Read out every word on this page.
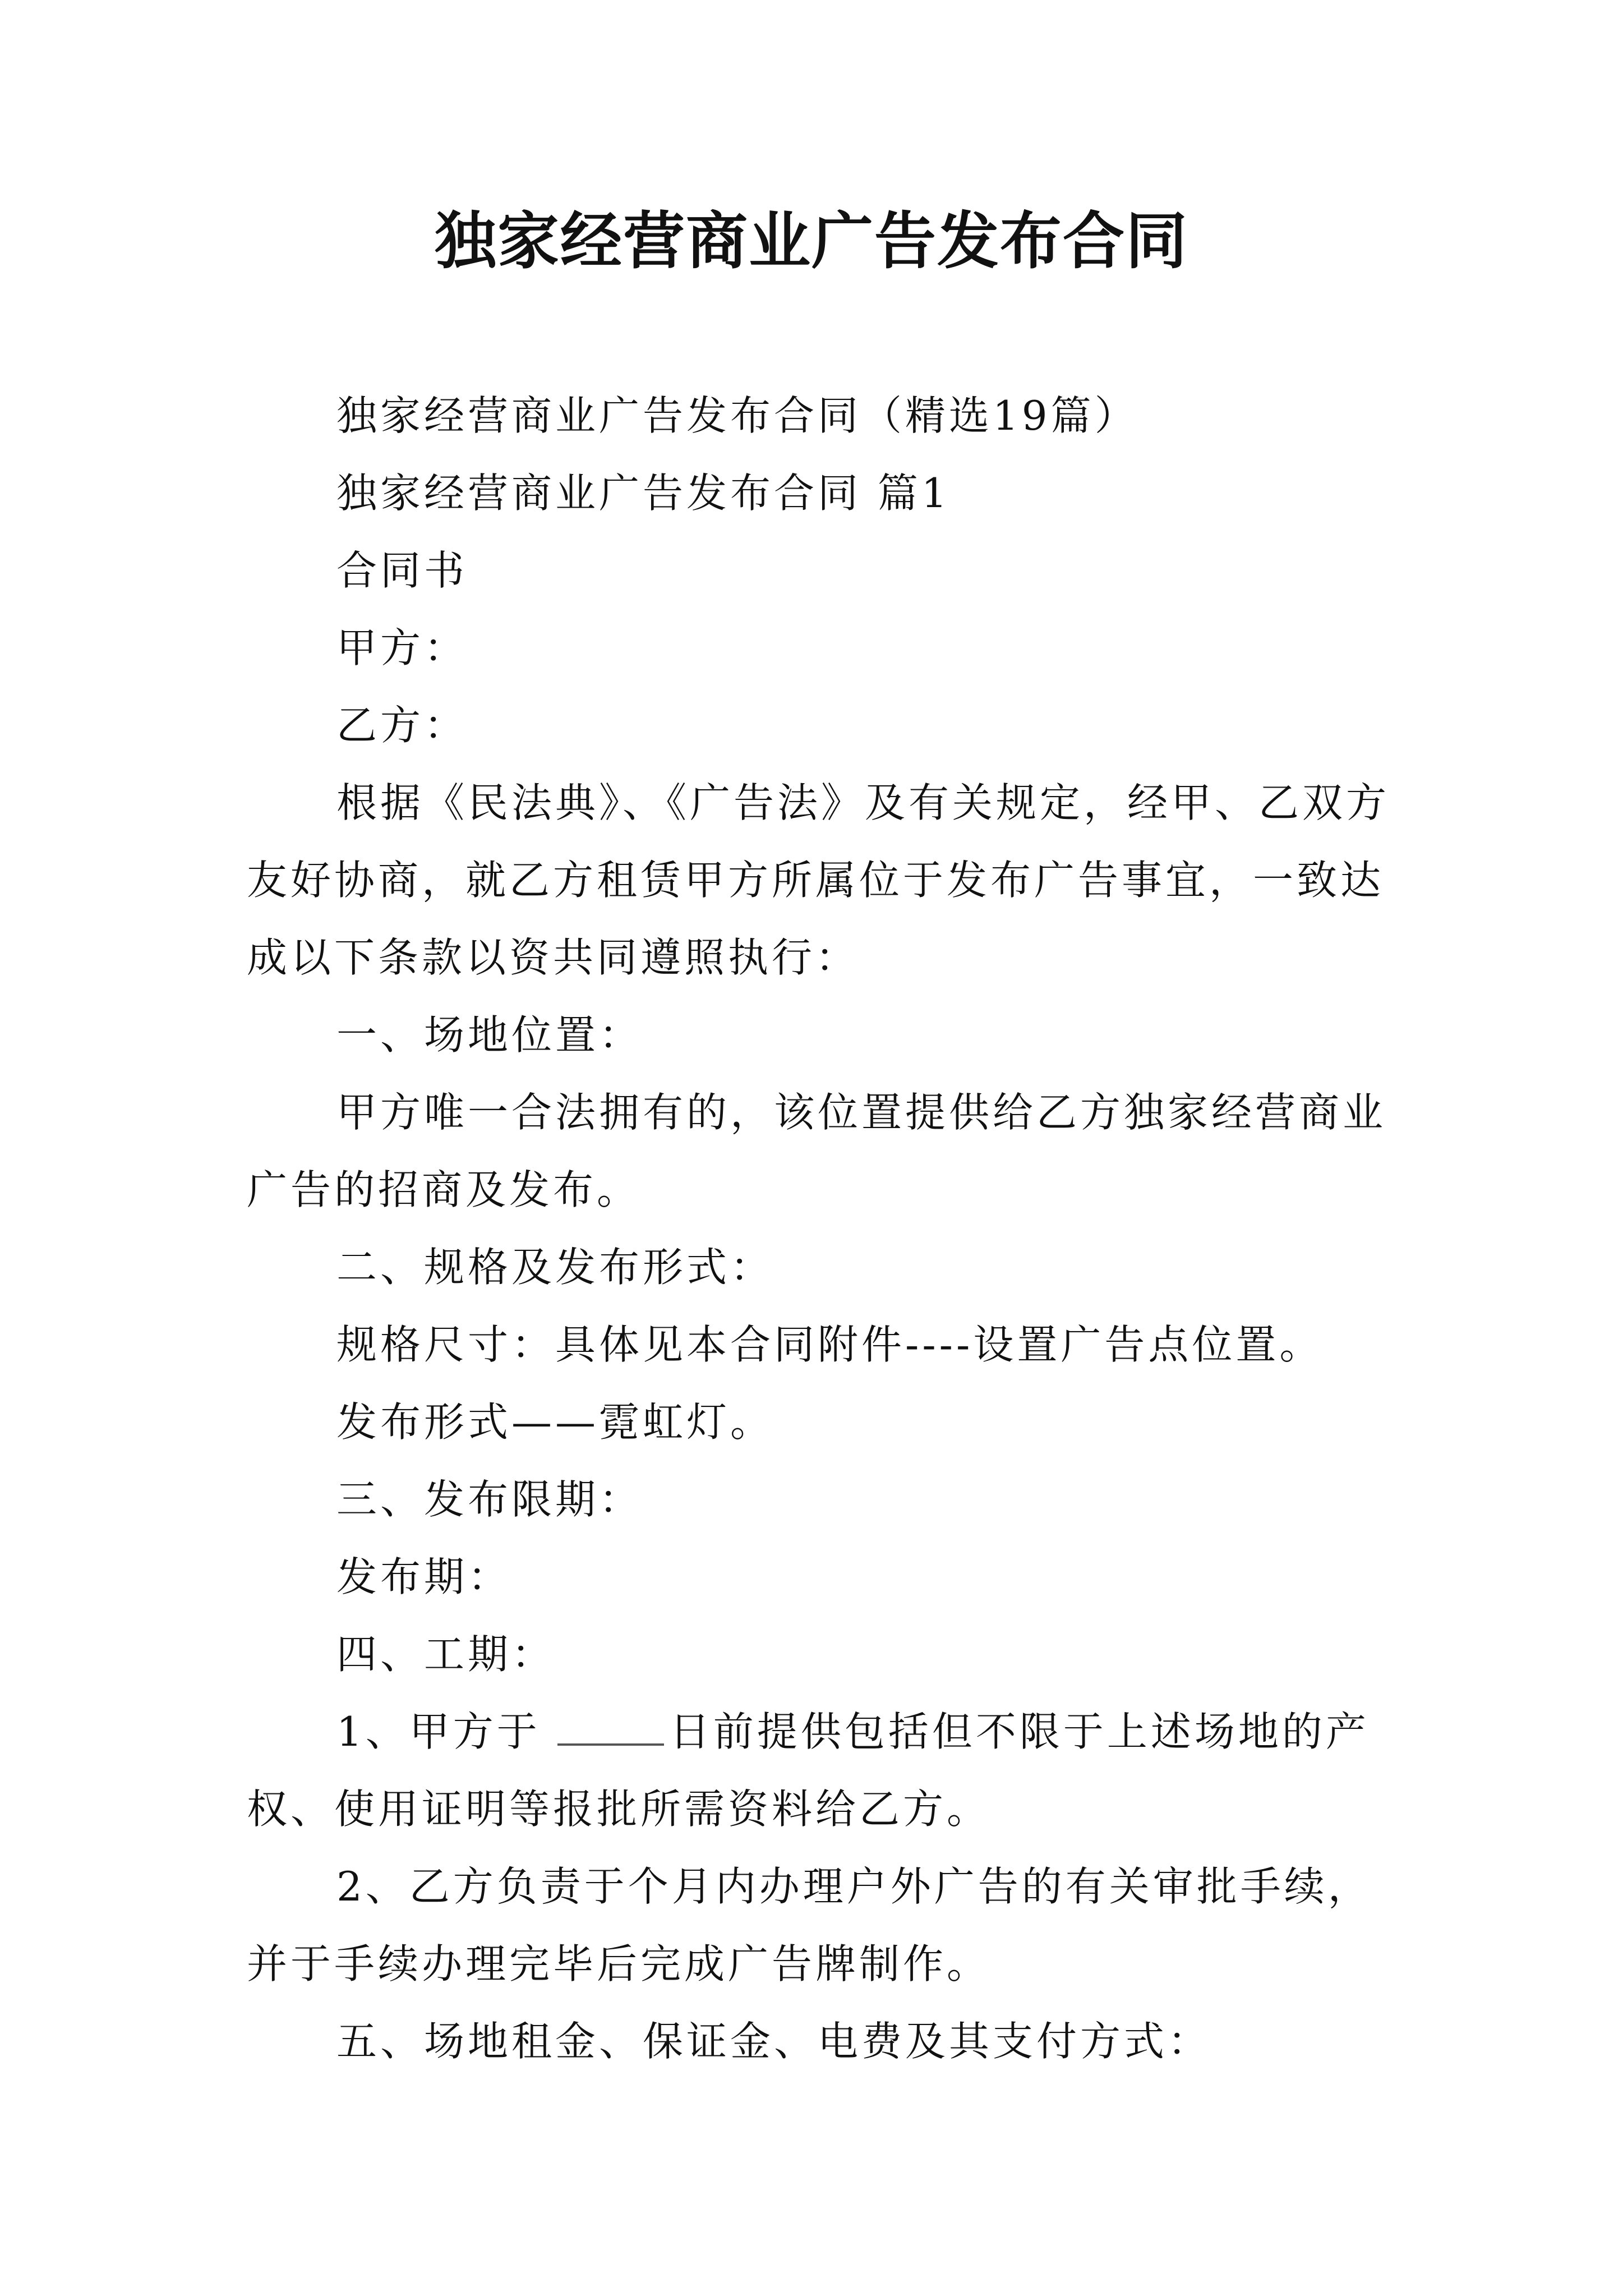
独家经营商业广告发布合同

独家经营商业广告发布合同（精选19篇）

独家经营商业广告发布合同 篇1

合同书

甲方：

乙方：

根据《民法典》、《广告法》及有关规定，经甲、乙双方友好协商，就乙方租赁甲方所属位于发布广告事宜，一致达成以下条款以资共同遵照执行：

一、场地位置：

甲方唯一合法拥有的，该位置提供给乙方独家经营商业广告的招商及发布。

二、规格及发布形式：

规格尺寸：具体见本合同附件----设置广告点位置。

发布形式——霓虹灯。

三、发布限期：

发布期：

四、工期：

1、甲方于	日前提供包括但不限于上述场地的产权、使用证明等报批所需资料给乙方。

2、乙方负责于个月内办理户外广告的有关审批手续，并于手续办理完毕后完成广告牌制作。

五、场地租金、保证金、电费及其支付方式：
